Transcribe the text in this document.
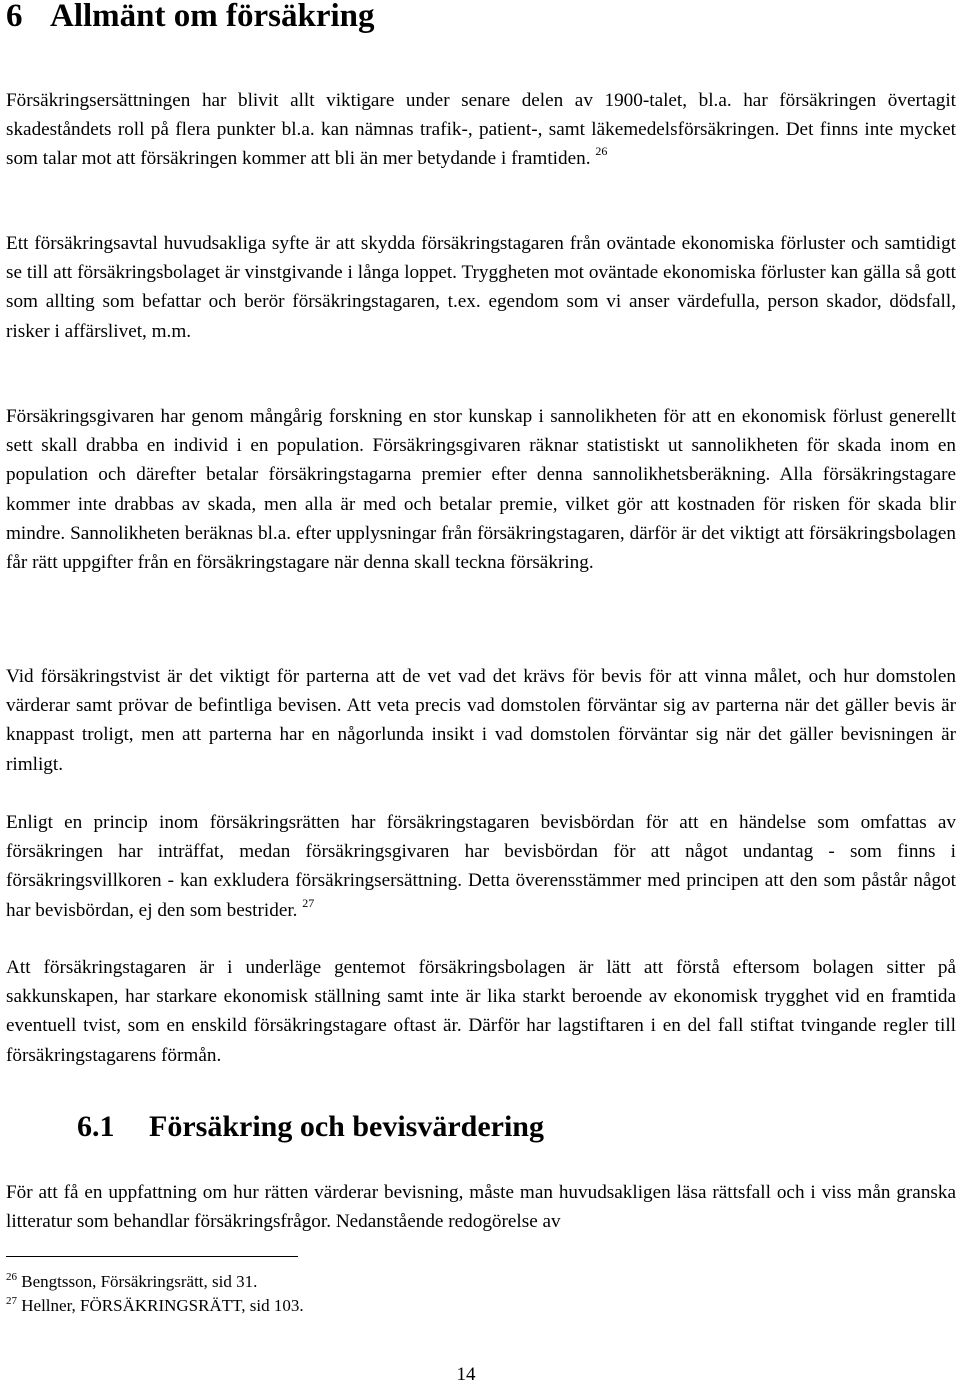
6 Allmänt om försäkring

Försäkringsersättningen har blivit allt viktigare under senare delen av 1900-talet, bl.a. har försäkringen övertagit skadeståndets roll på flera punkter bl.a. kan nämnas trafik-, patient-, samt läkemedelsförsäkringen. Det finns inte mycket som talar mot att försäkringen kommer att bli än mer betydande i framtiden. $^{26}$

Ett försäkringsavtal huvudsakliga syfte är att skydda försäkringstagaren från oväntade ekonomiska förluster och samtidigt se till att försäkringsbolaget är vinstgivande i långa loppet. Tryggheten mot oväntade ekonomiska förluster kan gälla så gott som allting som befattar och berör försäkringstagaren, t.ex. egendom som vi anser värdefulla, person skador, dödsfall, risker i affärslivet, m.m.

Försäkringsgivaren har genom mångårig forskning en stor kunskap i sannolikheten för att en ekonomisk förlust generellt sett skall drabba en individ i en population. Försäkringsgivaren räknar statistiskt ut sannolikheten för skada inom en population och därefter betalar försäkringstagarna premier efter denna sannolikhetsberäkning. Alla försäkringstagare kommer inte drabbas av skada, men alla är med och betalar premie, vilket gör att kostnaden för risken för skada blir mindre. Sannolikheten beräknas bl.a. efter upplysningar från försäkringstagaren, därför är det viktigt att försäkringsbolagen får rätt uppgifter från en försäkringstagare när denna skall teckna försäkring.

Vid försäkringstvist är det viktigt för parterna att de vet vad det krävs för bevis för att vinna målet, och hur domstolen värderar samt prövar de befintliga bevisen. Att veta precis vad domstolen förväntar sig av parterna när det gäller bevis är knappast troligt, men att parterna har en någorlunda insikt i vad domstolen förväntar sig när det gäller bevisningen är rimligt.

Enligt en princip inom försäkringsrätten har försäkringstagaren bevisbördan för att en händelse som omfattas av försäkringen har inträffat, medan försäkringsgivaren har bevisbördan för att något undantag - som finns i försäkringsvillkoren - kan exkludera försäkringsersättning. Detta överensstämmer med principen att den som påstår något har bevisbördan, ej den som bestrider. $^{27}$

Att försäkringstagaren är i underläge gentemot försäkringsbolagen är lätt att förstå eftersom bolagen sitter på sakkunskapen, har starkare ekonomisk ställning samt inte är lika starkt beroende av ekonomisk trygghet vid en framtida eventuell tvist, som en enskild försäkringstagare oftast är. Därför har lagstiftaren i en del fall stiftat tvingande regler till försäkringstagarens förmån.

6.1 Försäkring och bevisvärdering

För att få en uppfattning om hur rätten värderar bevisning, måste man huvudsakligen läsa rättsfall och i viss mån granska litteratur som behandlar försäkringsfrågor. Nedanstående redogörelse av

$^{26}$ Bengtsson, Försäkringsrätt, sid 31.
$^{27}$ Hellner, FÖRSÄKRINGSRÄTT, sid 103.
14
